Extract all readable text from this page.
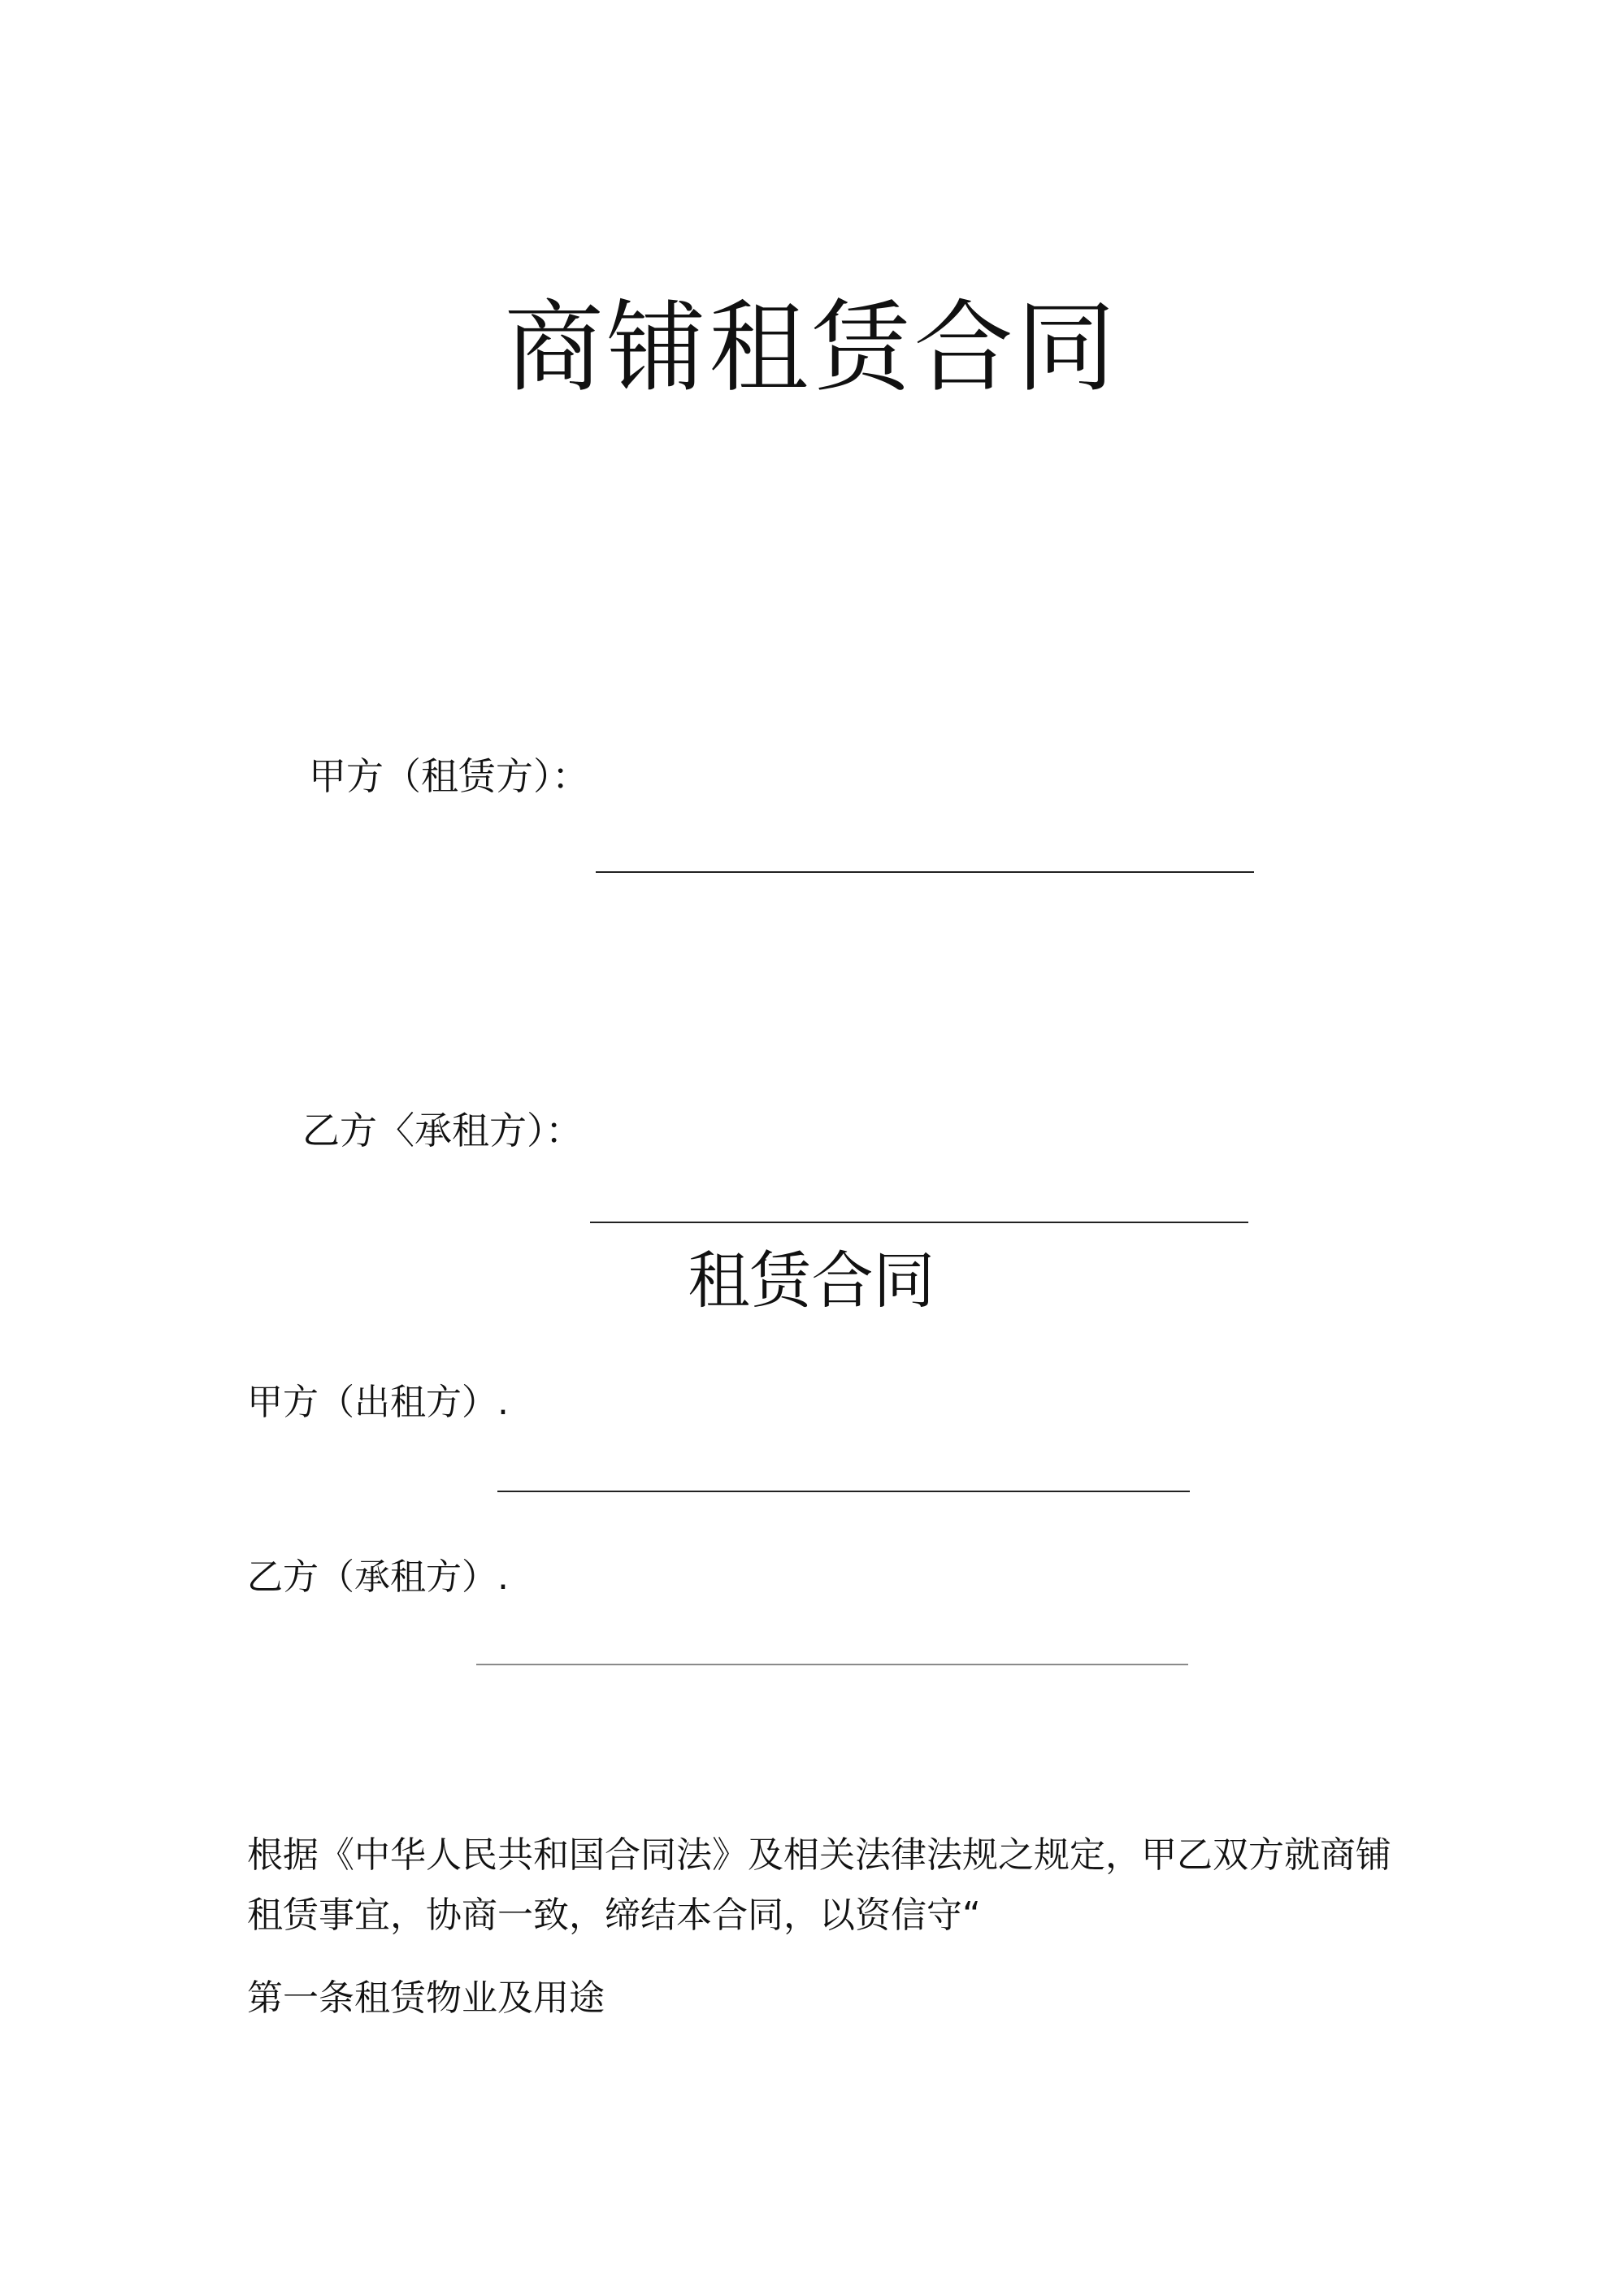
商铺租赁合同
甲方（租赁方）：
乙方〈承租方）：
租赁合同
甲方（出租方）.
乙方（承租方）.
根据《中华人民共和国合同法》及相关法律法规之规定，甲乙双方就商铺租赁事宜，协商一致，缔结本合同，以资信守“
第一条租赁物业及用途
